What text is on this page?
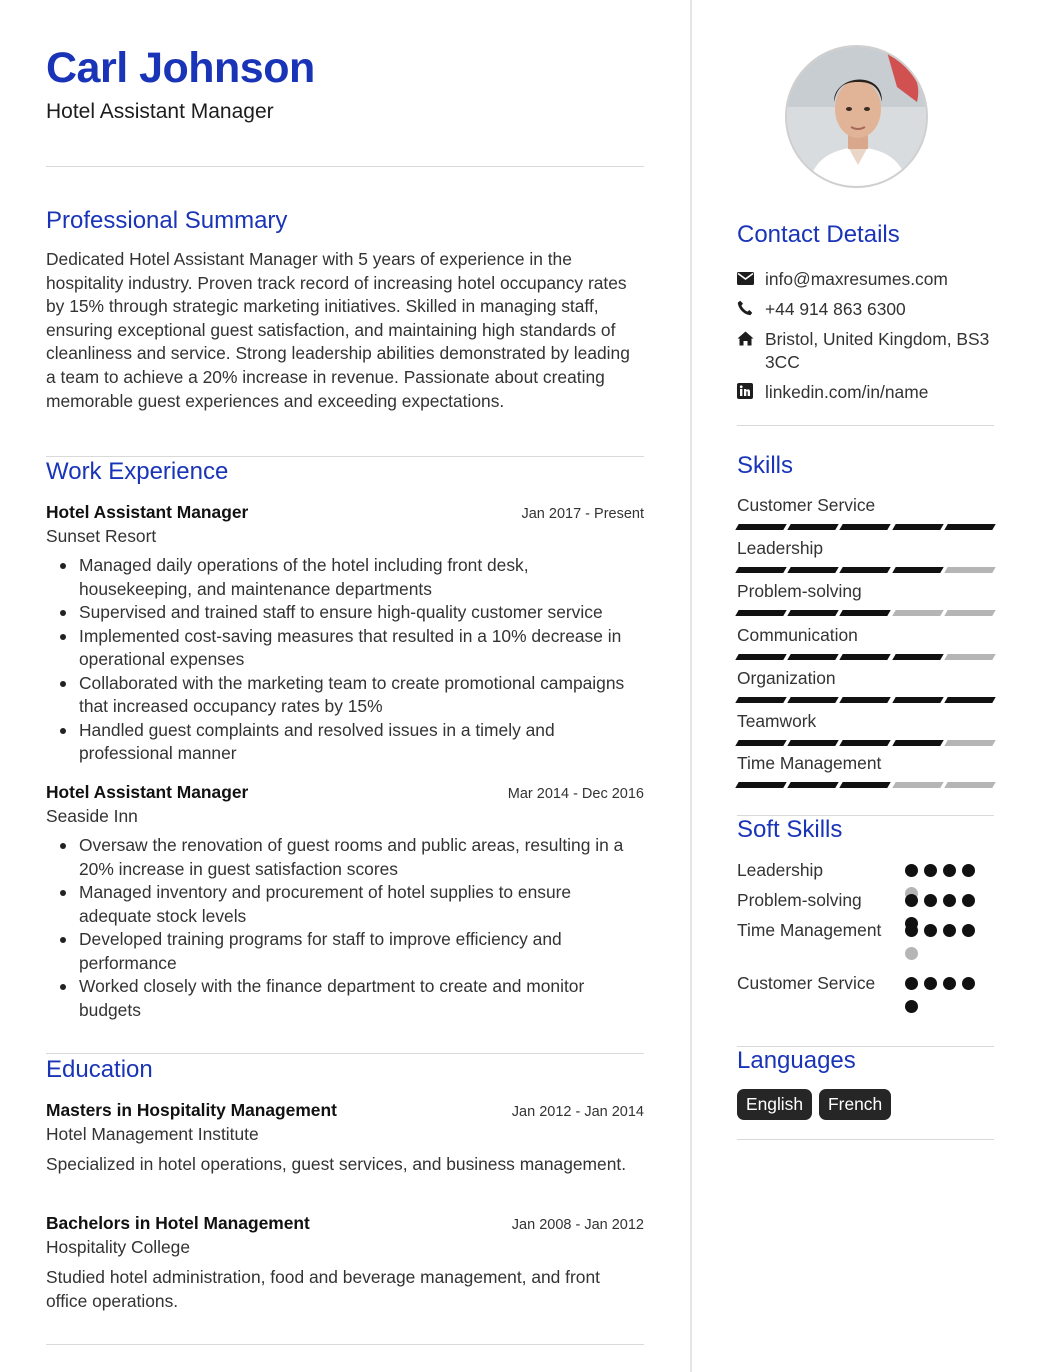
Carl Johnson
Hotel Assistant Manager
Professional Summary
Dedicated Hotel Assistant Manager with 5 years of experience in the hospitality industry. Proven track record of increasing hotel occupancy rates by 15% through strategic marketing initiatives. Skilled in managing staff, ensuring exceptional guest satisfaction, and maintaining high standards of cleanliness and service. Strong leadership abilities demonstrated by leading a team to achieve a 20% increase in revenue. Passionate about creating memorable guest experiences and exceeding expectations.
Work Experience
Hotel Assistant Manager	Jan 2017 - Present
Sunset Resort
Managed daily operations of the hotel including front desk, housekeeping, and maintenance departments
Supervised and trained staff to ensure high-quality customer service
Implemented cost-saving measures that resulted in a 10% decrease in operational expenses
Collaborated with the marketing team to create promotional campaigns that increased occupancy rates by 15%
Handled guest complaints and resolved issues in a timely and professional manner
Hotel Assistant Manager	Mar 2014 - Dec 2016
Seaside Inn
Oversaw the renovation of guest rooms and public areas, resulting in a 20% increase in guest satisfaction scores
Managed inventory and procurement of hotel supplies to ensure adequate stock levels
Developed training programs for staff to improve efficiency and performance
Worked closely with the finance department to create and monitor budgets
Education
Masters in Hospitality Management	Jan 2012 - Jan 2014
Hotel Management Institute
Specialized in hotel operations, guest services, and business management.
Bachelors in Hotel Management	Jan 2008 - Jan 2012
Hospitality College
Studied hotel administration, food and beverage management, and front office operations.
Contact Details
info@maxresumes.com
+44 914 863 6300
Bristol, United Kingdom, BS3 3CC
linkedin.com/in/name
Skills
Customer Service
Leadership
Problem-solving
Communication
Organization
Teamwork
Time Management
Soft Skills
Leadership
Problem-solving
Time Management
Customer Service
Languages
English	French
